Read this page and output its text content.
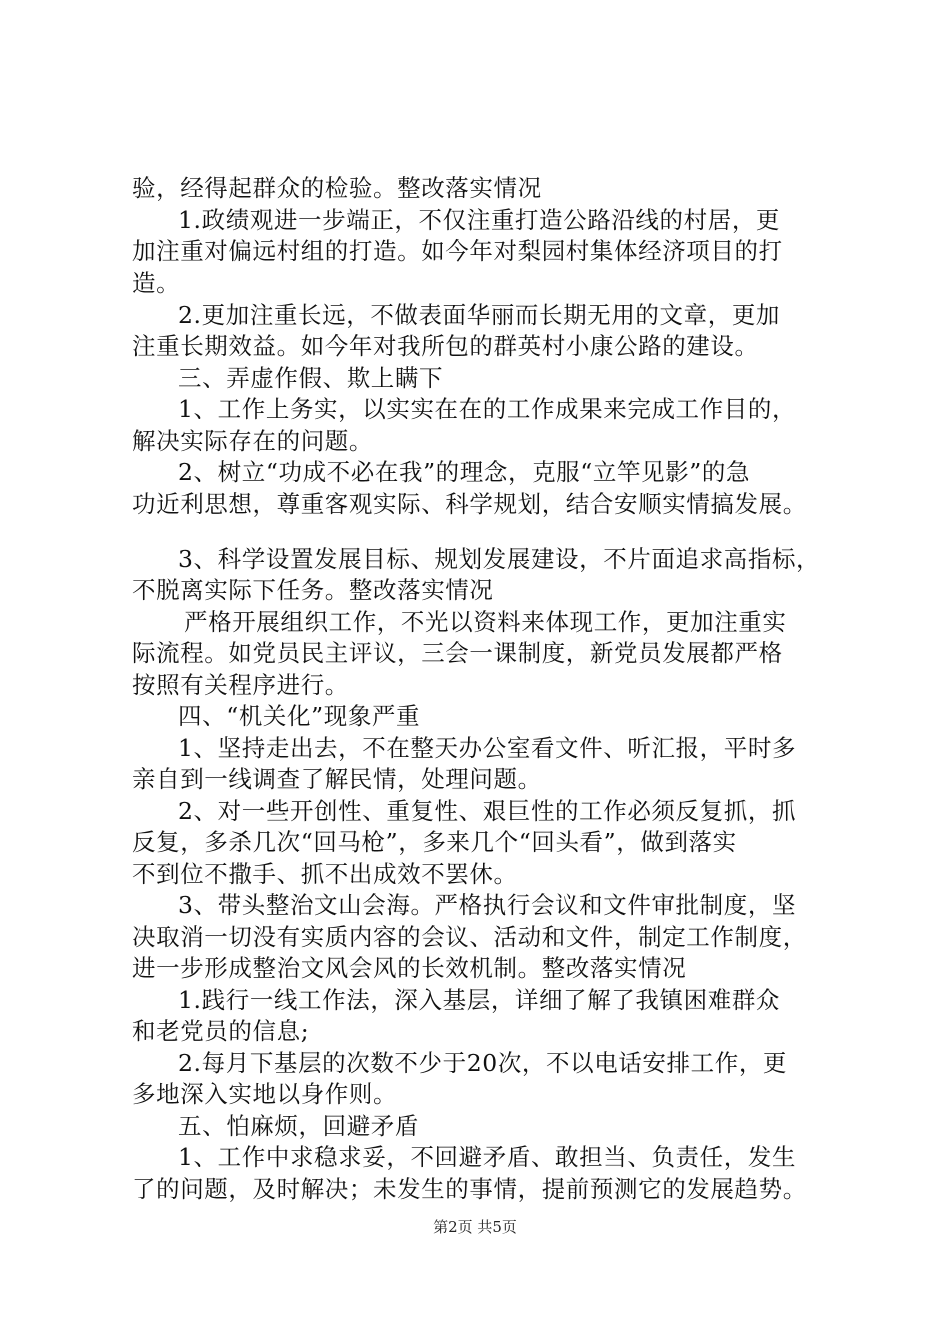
验，经得起群众的检验。整改落实情况
1.政绩观进一步端正，不仅注重打造公路沿线的村居，更
加注重对偏远村组的打造。如今年对梨园村集体经济项目的打
造。
2.更加注重长远，不做表面华丽而长期无用的文章，更加
注重长期效益。如今年对我所包的群英村小康公路的建设。
三、弄虚作假、欺上瞒下
1、工作上务实，以实实在在的工作成果来完成工作目的，
解决实际存在的问题。
2、树立“功成不必在我”的理念，克服“立竿见影”的急
功近利思想，尊重客观实际、科学规划，结合安顺实情搞发展。
3、科学设置发展目标、规划发展建设，不片面追求高指标，
不脱离实际下任务。整改落实情况
严格开展组织工作，不光以资料来体现工作，更加注重实
际流程。如党员民主评议，三会一课制度，新党员发展都严格
按照有关程序进行。
四、“机关化”现象严重
1、坚持走出去，不在整天办公室看文件、听汇报，平时多
亲自到一线调查了解民情，处理问题。
2、对一些开创性、重复性、艰巨性的工作必须反复抓，抓
反复，多杀几次“回马枪”，多来几个“回头看”，做到落实
不到位不撒手、抓不出成效不罢休。
3、带头整治文山会海。严格执行会议和文件审批制度，坚
决取消一切没有实质内容的会议、活动和文件，制定工作制度，
进一步形成整治文风会风的长效机制。整改落实情况
1.践行一线工作法，深入基层，详细了解了我镇困难群众
和老党员的信息;
2.每月下基层的次数不少于20次，不以电话安排工作，更
多地深入实地以身作则。
五、怕麻烦，回避矛盾
1、工作中求稳求妥，不回避矛盾、敢担当、负责任，发生
了的问题，及时解决；未发生的事情，提前预测它的发展趋势。
第2页 共5页
